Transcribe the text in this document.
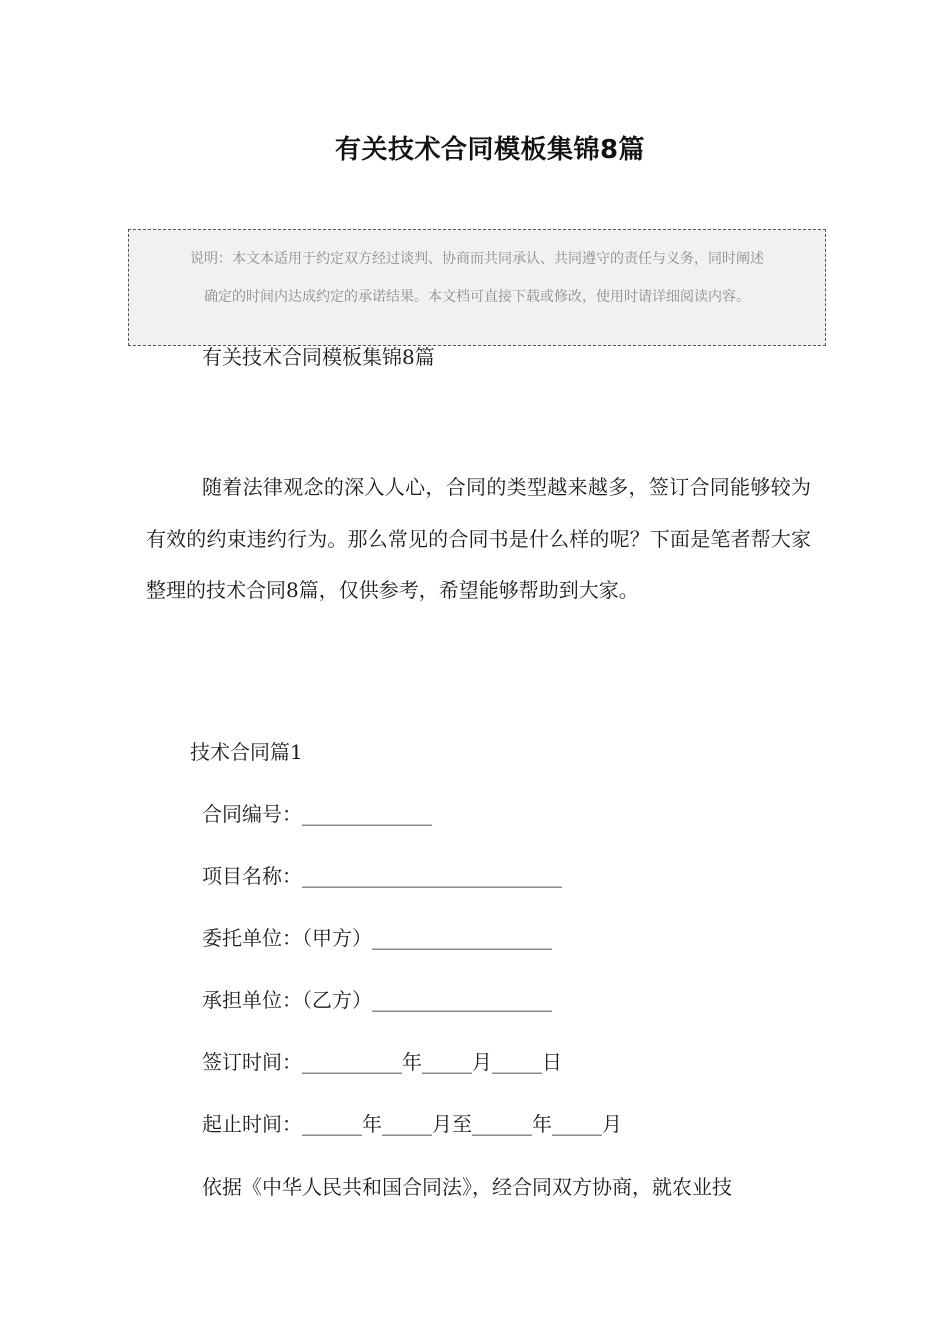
有关技术合同模板集锦8篇
说明：本文本适用于约定双方经过谈判、协商而共同承认、共同遵守的责任与义务，同时阐述
确定的时间内达成约定的承诺结果。本文档可直接下载或修改，使用时请详细阅读内容。
有关技术合同模板集锦8篇

随着法律观念的深入人心，合同的类型越来越多，签订合同能够较为有效的约束违约行为。那么常见的合同书是什么样的呢？下面是笔者帮大家整理的技术合同8篇，仅供参考，希望能够帮助到大家。

技术合同篇1
合同编号：_____________
项目名称：__________________________
委托单位：（甲方）__________________
承担单位：（乙方）__________________
签订时间：__________年_____月_____日
起止时间：______年_____月至______年_____月
依据《中华人民共和国合同法》，经合同双方协商，就农业技
